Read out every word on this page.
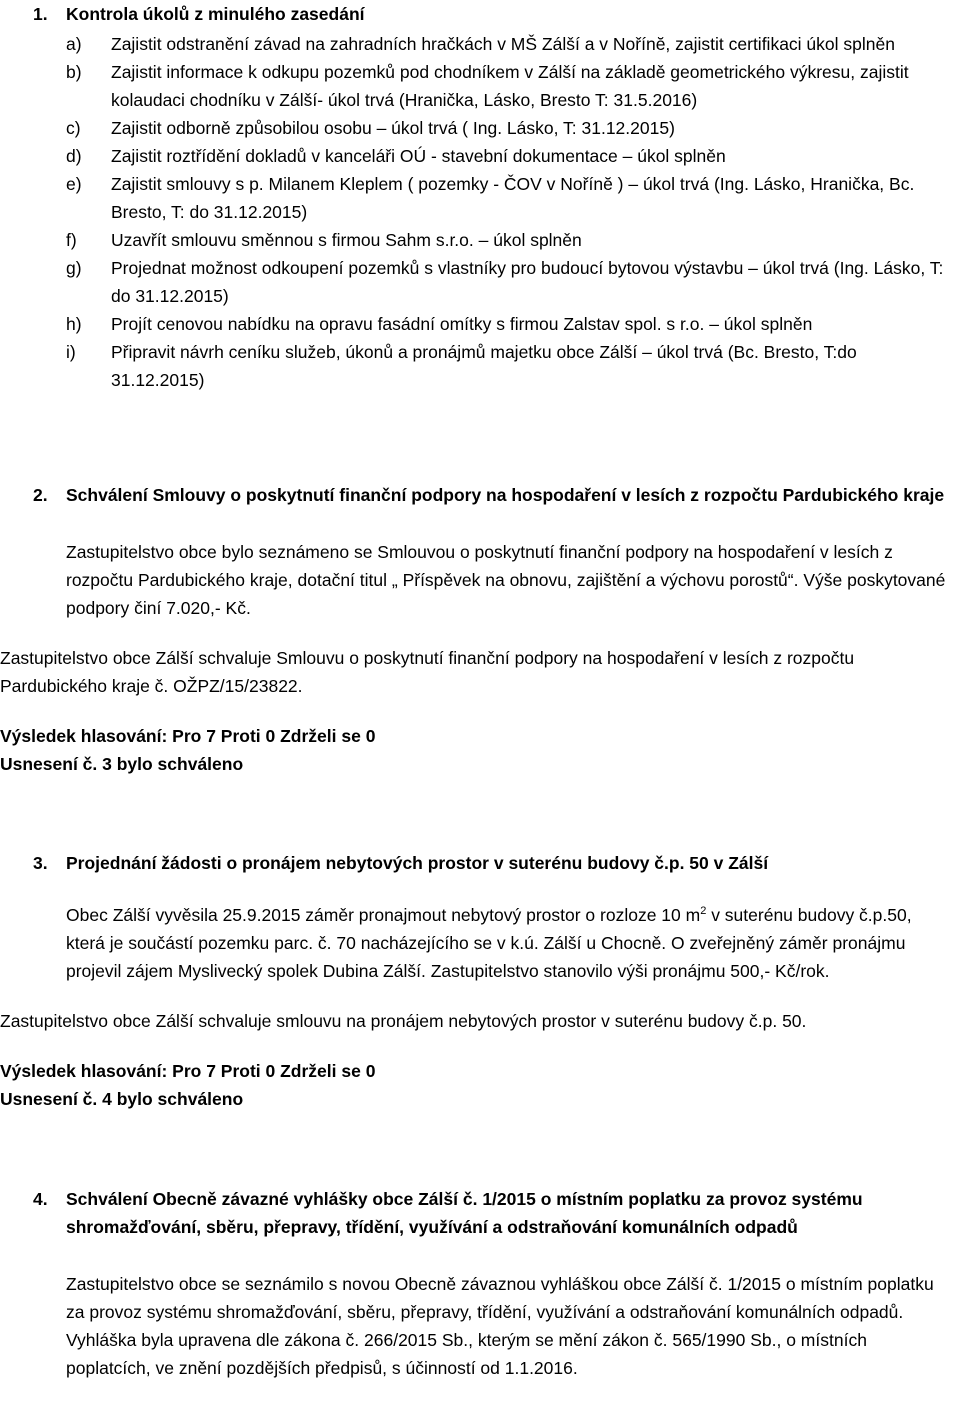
1. Kontrola úkolů z minulého zasedání
a) Zajistit odstranění závad na zahradních hračkách v MŠ Zálší a v Nořínĕ, zajistit certifikaci úkol splněn
b) Zajistit informace k odkupu pozemků pod chodníkem v Zálší na základě geometrického výkresu, zajistit kolaudaci chodníku v Zálší- úkol trvá (Hranička, Lásko, Bresto T: 31.5.2016)
c) Zajistit odborně způsobilou osobu – úkol trvá ( Ing. Lásko, T: 31.12.2015)
d) Zajistit roztřídění dokladů v kanceláři OÚ - stavební dokumentace – úkol splněn
e) Zajistit smlouvy s p. Milanem Kleplem ( pozemky - ČOV v Nořínĕ ) – úkol trvá (Ing. Lásko, Hranička, Bc. Bresto, T: do 31.12.2015)
f) Uzavřít smlouvu směnnou s firmou Sahm s.r.o. – úkol splněn
g) Projednat možnost odkoupení pozemků s vlastníky pro budoucí bytovou výstavbu – úkol trvá (Ing. Lásko, T: do 31.12.2015)
h) Projít cenovou nabídku na opravu fasádní omítky s firmou Zalstav spol. s r.o. – úkol splněn
i) Připravit návrh ceníku služeb, úkonů a pronájmů majetku obce Zálší – úkol trvá (Bc. Bresto, T:do 31.12.2015)
2. Schválení Smlouvy o poskytnutí finanční podpory na hospodaření v lesích z rozpočtu Pardubického kraje

Zastupitelstvo obce bylo seznámeno se Smlouvou o poskytnutí finanční podpory na hospodaření v lesích z rozpočtu Pardubického kraje, dotační titul „ Příspěvek na obnovu, zajištění a výchovu porostů“. Výše poskytované podpory činí 7.020,- Kč.

Zastupitelstvo obce Zálší schvaluje Smlouvu o poskytnutí finanční podpory na hospodaření v lesích z rozpočtu Pardubického kraje č. OŽPZ/15/23822.

Výsledek hlasování: Pro 7 Proti 0 Zdrželi se 0

Usnesení č. 3 bylo schváleno

3. Projednání žádosti o pronájem nebytových prostor v suterénu budovy č.p. 50 v Zálší

Obec Zálší vyvěsila 25.9.2015 záměr pronajmout nebytový prostor o rozloze 10 $m^2$ v suterénu budovy č.p.50, která je součástí pozemku parc. č. 70 nacházejícího se v k.ú. Zálší u Chocně. O zveřejněný záměr pronájmu projevil zájem Myslivecký spolek Dubina Zálší. Zastupitelstvo stanovilo výši pronájmu 500,- Kč/rok.

Zastupitelstvo obce Zálší schvaluje smlouvu na pronájem nebytových prostor v suterénu budovy č.p. 50.

Výsledek hlasování: Pro 7 Proti 0 Zdrželi se 0

Usnesení č. 4 bylo schváleno

4. Schválení Obecně závazné vyhlášky obce Zálší č. 1/2015 o místním poplatku za provoz systému shromažďování, sběru, přepravy, třídění, využívání a odstraňování komunálních odpadů

Zastupitelstvo obce se seznámilo s novou Obecně závaznou vyhláškou obce Zálší č. 1/2015 o místním poplatku za provoz systému shromažďování, sběru, přepravy, třídění, využívání a odstraňování komunálních odpadů. Vyhláška byla upravena dle zákona č. 266/2015 Sb., kterým se mění zákon č. 565/1990 Sb., o místních poplatcích, ve znění pozdějších předpisů, s účinností od 1.1.2016.
